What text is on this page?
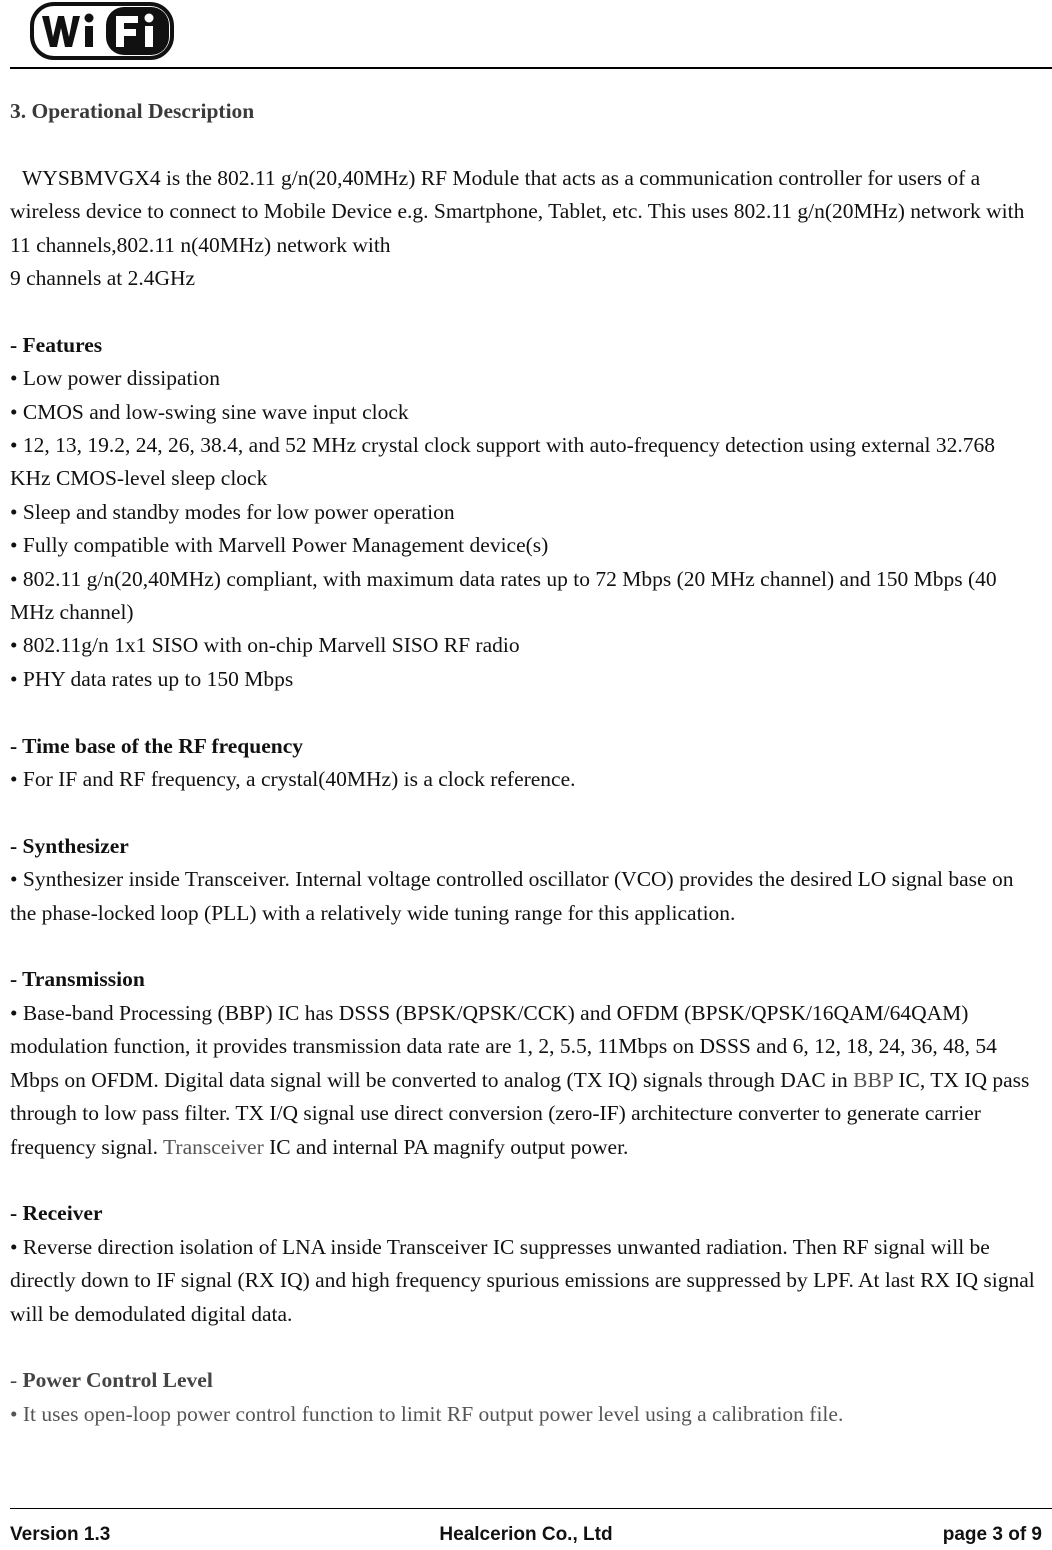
3. Operational Description

WYSBMVGX4 is the 802.11 g/n(20,40MHz) RF Module that acts as a communication controller for users of a wireless device to connect to Mobile Device e.g. Smartphone, Tablet, etc. This uses 802.11 g/n(20MHz) network with 11 channels,802.11 n(40MHz) network with

9 channels at 2.4GHz

- Features

• Low power dissipation

• CMOS and low-swing sine wave input clock

• 12, 13, 19.2, 24, 26, 38.4, and 52 MHz crystal clock support with auto-frequency detection using external 32.768 KHz CMOS-level sleep clock

• Sleep and standby modes for low power operation

• Fully compatible with Marvell Power Management device(s)

• 802.11 g/n(20,40MHz) compliant, with maximum data rates up to 72 Mbps (20 MHz channel) and 150 Mbps (40 MHz channel)

• 802.11g/n 1x1 SISO with on-chip Marvell SISO RF radio

• PHY data rates up to 150 Mbps

- Time base of the RF frequency

• For IF and RF frequency, a crystal(40MHz) is a clock reference.

- Synthesizer

• Synthesizer inside Transceiver. Internal voltage controlled oscillator (VCO) provides the desired LO signal base on the phase-locked loop (PLL) with a relatively wide tuning range for this application.

- Transmission

• Base-band Processing (BBP) IC has DSSS (BPSK/QPSK/CCK) and OFDM (BPSK/QPSK/16QAM/64QAM) modulation function, it provides transmission data rate are 1, 2, 5.5, 11Mbps on DSSS and 6, 12, 18, 24, 36, 48, 54 Mbps on OFDM. Digital data signal will be converted to analog (TX IQ) signals through DAC in BBP IC, TX IQ pass through to low pass filter. TX I/Q signal use direct conversion (zero-IF) architecture converter to generate carrier frequency signal. Transceiver IC and internal PA magnify output power.

- Receiver

• Reverse direction isolation of LNA inside Transceiver IC suppresses unwanted radiation. Then RF signal will be directly down to IF signal (RX IQ) and high frequency spurious emissions are suppressed by LPF. At last RX IQ signal will be demodulated digital data.

- Power Control Level

• It uses open-loop power control function to limit RF output power level using a calibration file.

Version 1.3	Healcerion Co., Ltd	page 3 of 9
